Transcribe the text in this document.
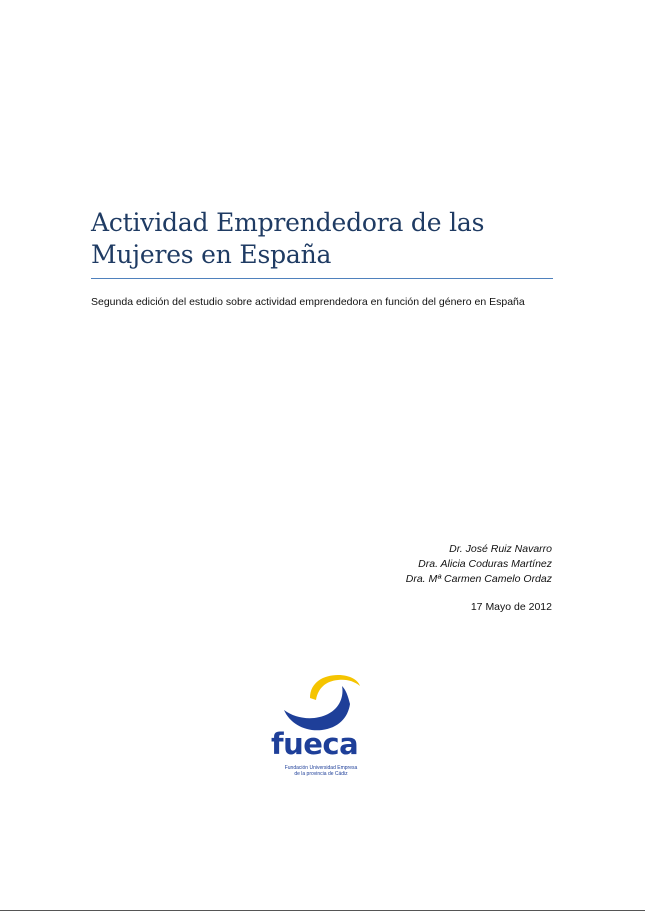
Actividad Emprendedora de las
Mujeres en España
Segunda edición del estudio sobre actividad emprendedora en función del género en España
Dr. José Ruiz Navarro
Dra. Alicia Coduras Martínez
Dra. Mª Carmen Camelo Ordaz
17 Mayo de 2012
fueca
Fundación Universidad Empresa
de la provincia de Cádiz
